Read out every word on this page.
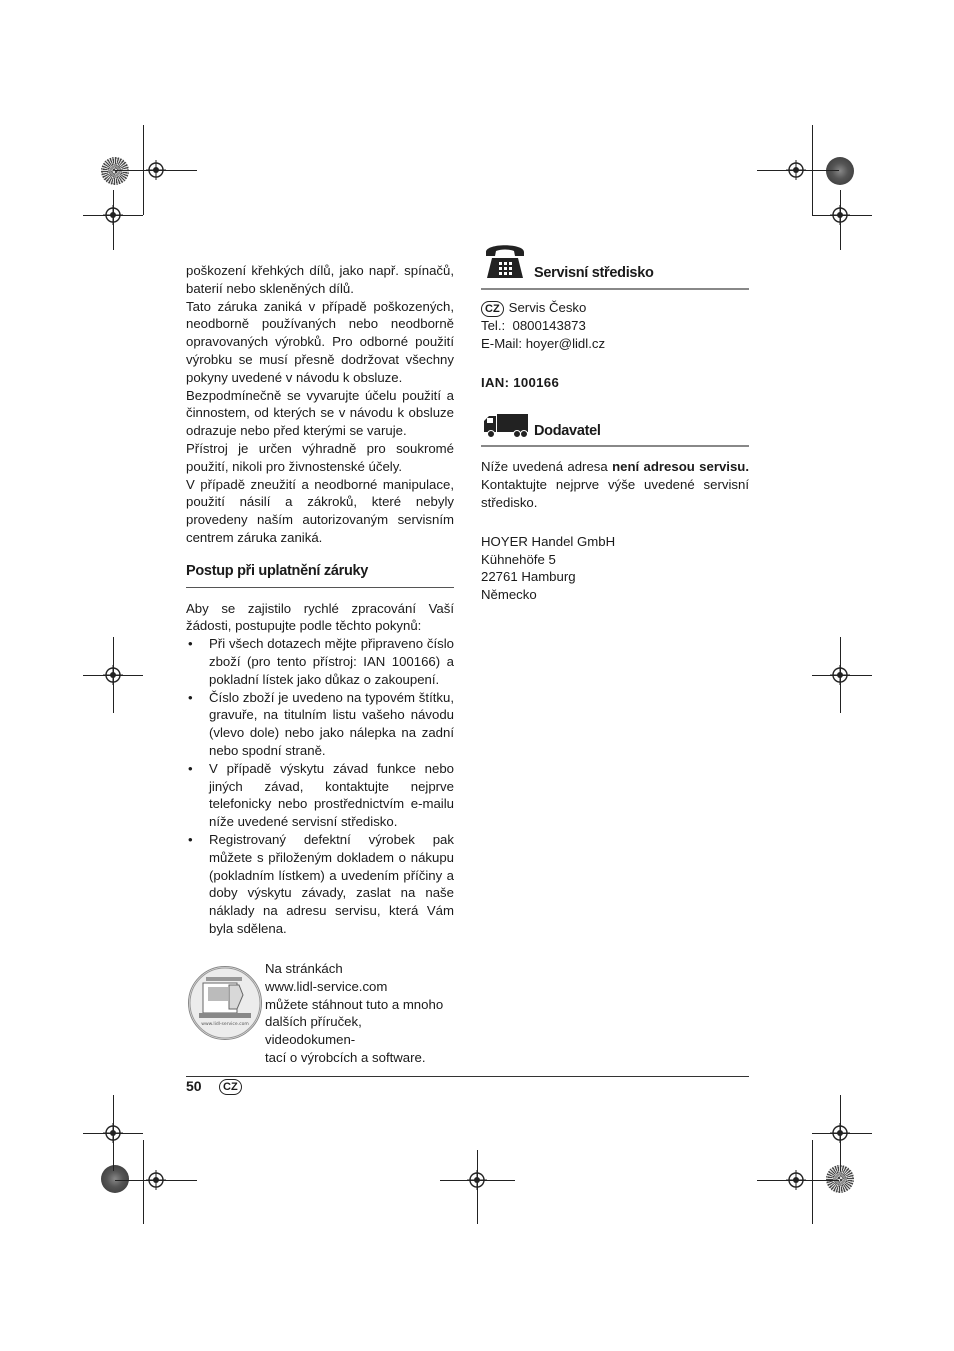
poškození křehkých dílů, jako např. spínačů, baterií nebo skleněných dílů.

Tato záruka zaniká v případě poškozených, neodborně používaných nebo neodborně opravovaných výrobků. Pro odborné použití výrobku se musí přesně dodržovat všechny pokyny uvedené v návodu k obsluze.

Bezpodmínečně se vyvarujte účelu použití a činnostem, od kterých se v návodu k obsluze odrazuje nebo před kterými se varuje.

Přístroj je určen výhradně pro soukromé použití, nikoli pro živnostenské účely.

V případě zneužití a neodborné manipulace, použití násilí a zákroků, které nebyly provedeny naším autorizovaným servisním centrem záruka zaniká.

Postup při uplatnění záruky

Aby se zajistilo rychlé zpracování Vaší žádosti, postupujte podle těchto pokynů:

• Při všech dotazech mějte připraveno číslo zboží (pro tento přístroj: IAN 100166) a pokladní lístek jako důkaz o zakoupení.
• Číslo zboží je uvedeno na typovém štítku, gravuře, na titulním listu vašeho návodu (vlevo dole) nebo jako nálepka na zadní nebo spodní straně.
• V případě výskytu závad funkce nebo jiných závad, kontaktujte nejprve telefonicky nebo prostřednictvím e-mailu níže uvedené servisní středisko.
• Registrovaný defektní výrobek pak můžete s přiloženým dokladem o nákupu (pokladním lístkem) a uvedením příčiny a doby výskytu závady, zaslat na naše náklady na adresu servisu, která Vám byla sdělena.
www.lidl-service.com
Na stránkách
www.lidl-service.com
můžete stáhnout tuto a mnoho
dalších příruček, videodokumen-
tací o výrobcích a software.
Servisní středisko
CZ Servis Česko
Tel.:  0800143873
E-Mail: hoyer@lidl.cz
IAN: 100166
Dodavatel

Níže uvedená adresa není adresou servisu. Kontaktujte nejprve výše uvedené servisní středisko.

HOYER Handel GmbH
Kühnehöfe 5
22761 Hamburg
Německo
50	CZ
